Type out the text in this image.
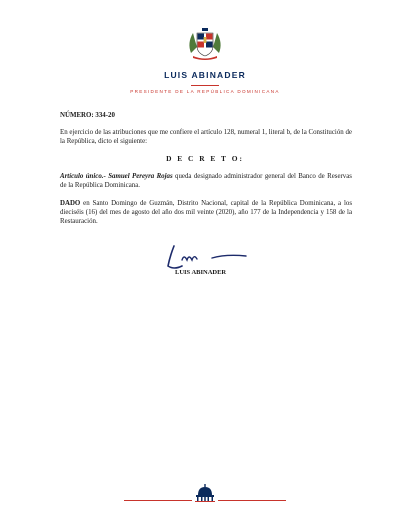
LUIS ABINADER
PRESIDENTE DE LA REPÚBLICA DOMINICANA
NÚMERO: 334-20
En ejercicio de las atribuciones que me confiere el artículo 128, numeral 1, literal b, de la Constitución de la República, dicto el siguiente:
D E C R E T O:
Artículo único.- Samuel Pereyra Rojas queda designado administrador general del Banco de Reservas de la República Dominicana.
DADO en Santo Domingo de Guzmán, Distrito Nacional, capital de la República Dominicana, a los dieciséis (16) del mes de agosto del año dos mil veinte (2020), año 177 de la Independencia y 158 de la Restauración.
LUIS ABINADER
